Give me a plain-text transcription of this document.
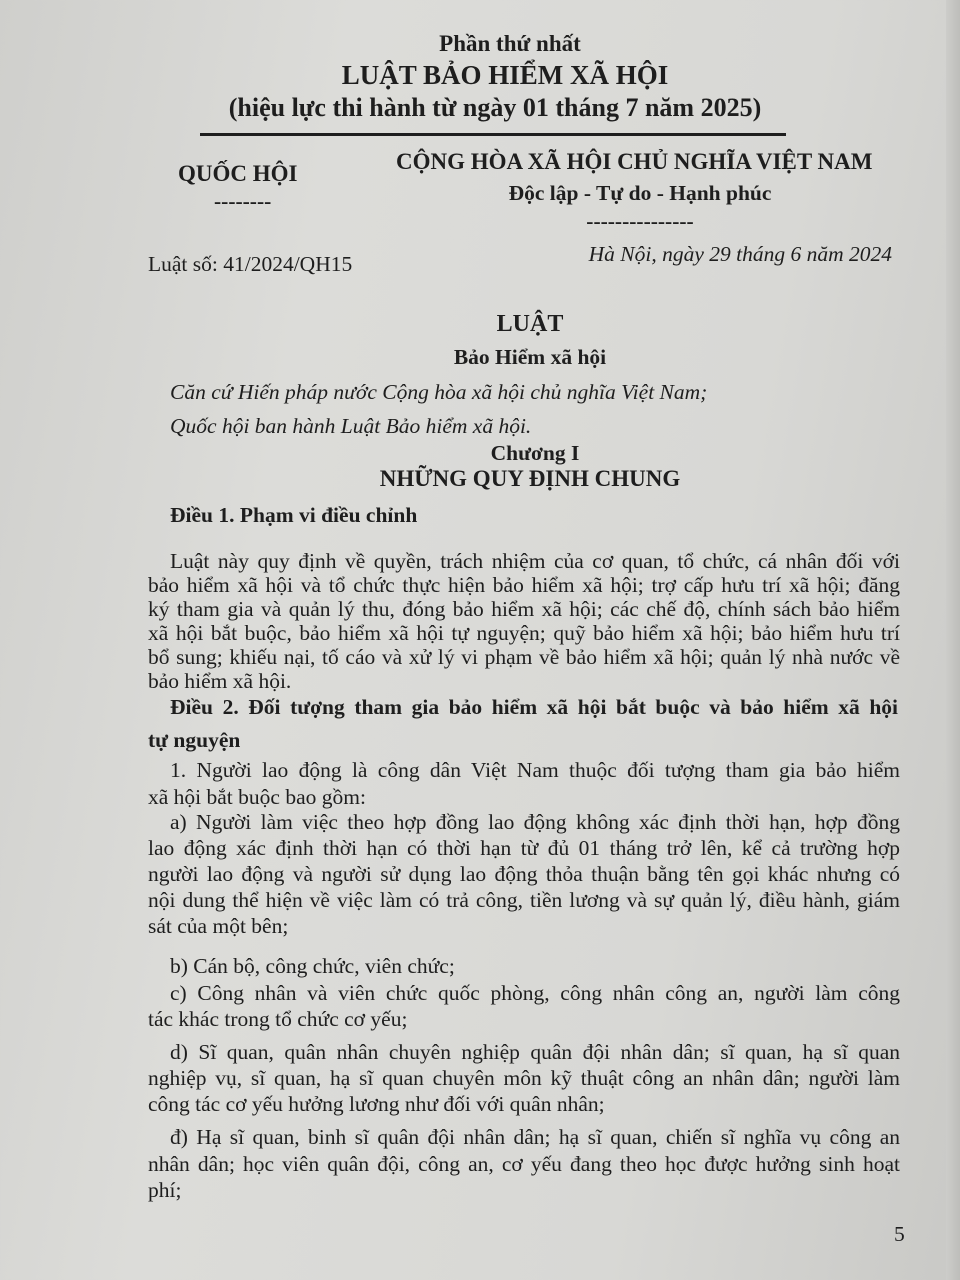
Phần thứ nhất
LUẬT BẢO HIỂM XÃ HỘI
(hiệu lực thi hành từ ngày 01 tháng 7 năm 2025)
QUỐC HỘI
--------
CỘNG HÒA XÃ HỘI CHỦ NGHĨA VIỆT NAM
Độc lập - Tự do - Hạnh phúc
---------------
Luật số: 41/2024/QH15	Hà Nội, ngày 29 tháng 6 năm 2024
LUẬT
Bảo Hiểm xã hội
Căn cứ Hiến pháp nước Cộng hòa xã hội chủ nghĩa Việt Nam;
Quốc hội ban hành Luật Bảo hiểm xã hội.
Chương I
NHỮNG QUY ĐỊNH CHUNG
Điều 1. Phạm vi điều chỉnh
Luật này quy định về quyền, trách nhiệm của cơ quan, tổ chức, cá nhân đối với
bảo hiểm xã hội và tổ chức thực hiện bảo hiểm xã hội; trợ cấp hưu trí xã hội; đăng
ký tham gia và quản lý thu, đóng bảo hiểm xã hội; các chế độ, chính sách bảo hiểm
xã hội bắt buộc, bảo hiểm xã hội tự nguyện; quỹ bảo hiểm xã hội; bảo hiểm hưu trí
bổ sung; khiếu nại, tố cáo và xử lý vi phạm về bảo hiểm xã hội; quản lý nhà nước về
bảo hiểm xã hội.
Điều 2. Đối tượng tham gia bảo hiểm xã hội bắt buộc và bảo hiểm xã hội
tự nguyện
1. Người lao động là công dân Việt Nam thuộc đối tượng tham gia bảo hiểm
xã hội bắt buộc bao gồm:
a) Người làm việc theo hợp đồng lao động không xác định thời hạn, hợp đồng
lao động xác định thời hạn có thời hạn từ đủ 01 tháng trở lên, kể cả trường hợp
người lao động và người sử dụng lao động thỏa thuận bằng tên gọi khác nhưng có
nội dung thể hiện về việc làm có trả công, tiền lương và sự quản lý, điều hành, giám
sát của một bên;
b) Cán bộ, công chức, viên chức;
c) Công nhân và viên chức quốc phòng, công nhân công an, người làm công
tác khác trong tổ chức cơ yếu;
d) Sĩ quan, quân nhân chuyên nghiệp quân đội nhân dân; sĩ quan, hạ sĩ quan
nghiệp vụ, sĩ quan, hạ sĩ quan chuyên môn kỹ thuật công an nhân dân; người làm
công tác cơ yếu hưởng lương như đối với quân nhân;
đ) Hạ sĩ quan, binh sĩ quân đội nhân dân; hạ sĩ quan, chiến sĩ nghĩa vụ công an
nhân dân; học viên quân đội, công an, cơ yếu đang theo học được hưởng sinh hoạt
phí;
5
